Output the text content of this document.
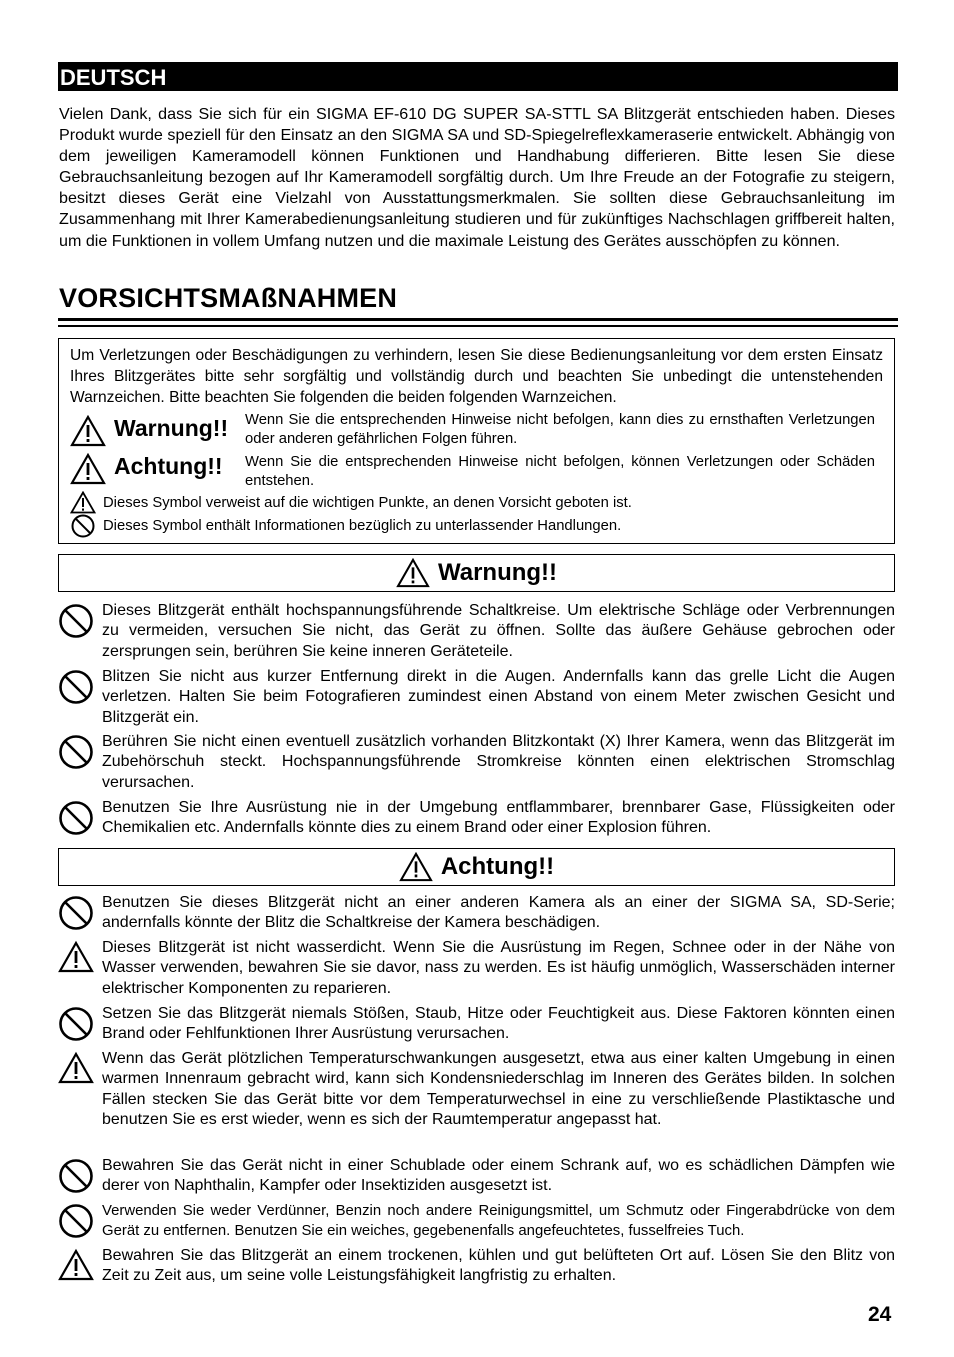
DEUTSCH
Vielen Dank, dass Sie sich für ein SIGMA EF-610 DG SUPER SA-STTL SA Blitzgerät entschieden haben. Dieses Produkt wurde speziell für den Einsatz an den SIGMA SA und SD-Spiegelreflexkameraserie entwickelt. Abhängig von dem jeweiligen Kameramodell können Funktionen und Handhabung differieren. Bitte lesen Sie diese Gebrauchsanleitung bezogen auf Ihr Kameramodell sorgfältig durch. Um Ihre Freude an der Fotografie zu steigern, besitzt dieses Gerät eine Vielzahl von Ausstattungsmerkmalen. Sie sollten diese Gebrauchsanleitung im Zusammenhang mit Ihrer Kamerabedienungsanleitung studieren und für zukünftiges Nachschlagen griffbereit halten, um die Funktionen in vollem Umfang nutzen und die maximale Leistung des Gerätes ausschöpfen zu können.
VORSICHTSMAßNAHMEN
Um Verletzungen oder Beschädigungen zu verhindern, lesen Sie diese Bedienungsanleitung vor dem ersten Einsatz Ihres Blitzgerätes bitte sehr sorgfältig und vollständig durch und beachten Sie unbedingt die untenstehenden Warnzeichen. Bitte beachten Sie folgenden die beiden folgenden Warnzeichen.
Warnung!! Wenn Sie die entsprechenden Hinweise nicht befolgen, kann dies zu ernsthaften Verletzungen oder anderen gefährlichen Folgen führen.
Achtung!! Wenn Sie die entsprechenden Hinweise nicht befolgen, können Verletzungen oder Schäden entstehen.
Dieses Symbol verweist auf die wichtigen Punkte, an denen Vorsicht geboten ist.
Dieses Symbol enthält Informationen bezüglich zu unterlassender Handlungen.
Warnung!!
Dieses Blitzgerät enthält hochspannungsführende Schaltkreise. Um elektrische Schläge oder Verbrennungen zu vermeiden, versuchen Sie nicht, das Gerät zu öffnen. Sollte das äußere Gehäuse gebrochen oder zersprungen sein, berühren Sie keine inneren Geräteteile.
Blitzen Sie nicht aus kurzer Entfernung direkt in die Augen. Andernfalls kann das grelle Licht die Augen verletzen. Halten Sie beim Fotografieren zumindest einen Abstand von einem Meter zwischen Gesicht und Blitzgerät ein.
Berühren Sie nicht einen eventuell zusätzlich vorhanden Blitzkontakt (X) Ihrer Kamera, wenn das Blitzgerät im Zubehörschuh steckt. Hochspannungsführende Stromkreise könnten einen elektrischen Stromschlag verursachen.
Benutzen Sie Ihre Ausrüstung nie in der Umgebung entflammbarer, brennbarer Gase, Flüssigkeiten oder Chemikalien etc. Andernfalls könnte dies zu einem Brand oder einer Explosion führen.
Achtung!!
Benutzen Sie dieses Blitzgerät nicht an einer anderen Kamera als an einer der SIGMA SA, SD-Serie; andernfalls könnte der Blitz die Schaltkreise der Kamera beschädigen.
Dieses Blitzgerät ist nicht wasserdicht. Wenn Sie die Ausrüstung im Regen, Schnee oder in der Nähe von Wasser verwenden, bewahren Sie sie davor, nass zu werden. Es ist häufig unmöglich, Wasserschäden interner elektrischer Komponenten zu reparieren.
Setzen Sie das Blitzgerät niemals Stößen, Staub, Hitze oder Feuchtigkeit aus. Diese Faktoren könnten einen Brand oder Fehlfunktionen Ihrer Ausrüstung verursachen.
Wenn das Gerät plötzlichen Temperaturschwankungen ausgesetzt, etwa aus einer kalten Umgebung in einen warmen Innenraum gebracht wird, kann sich Kondensniederschlag im Inneren des Gerätes bilden. In solchen Fällen stecken Sie das Gerät bitte vor dem Temperaturwechsel in eine zu verschließende Plastiktasche und benutzen Sie es erst wieder, wenn es sich der Raumtemperatur angepasst hat.
Bewahren Sie das Gerät nicht in einer Schublade oder einem Schrank auf, wo es schädlichen Dämpfen wie derer von Naphthalin, Kampfer oder Insektiziden ausgesetzt ist.
Verwenden Sie weder Verdünner, Benzin noch andere Reinigungsmittel, um Schmutz oder Fingerabdrücke von dem Gerät zu entfernen. Benutzen Sie ein weiches, gegebenenfalls angefeuchtetes, fusselfreies Tuch.
Bewahren Sie das Blitzgerät an einem trockenen, kühlen und gut belüfteten Ort auf. Lösen Sie den Blitz von Zeit zu Zeit aus, um seine volle Leistungsfähigkeit langfristig zu erhalten.
24
